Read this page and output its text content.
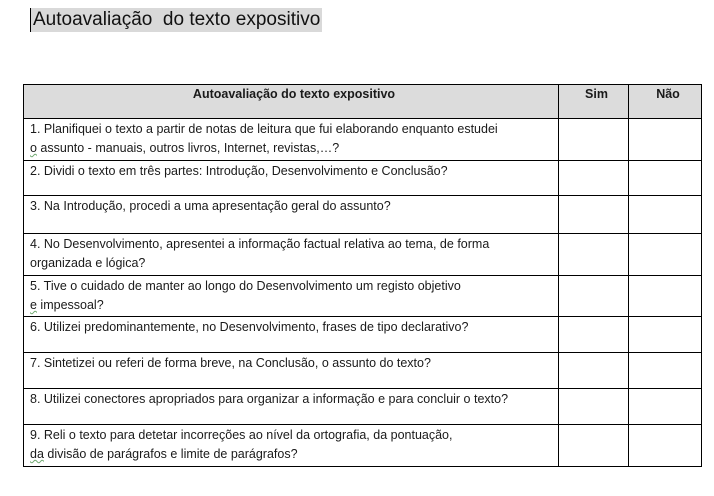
Autoavaliação  do texto expositivo
Autoavaliação do texto expositivo	Sim	Não

1. Planifiquei o texto a partir de notas de leitura que fui elaborando enquanto estudei
o assunto - manuais, outros livros, Internet, revistas,…?		

2. Dividi o texto em três partes: Introdução, Desenvolvimento e Conclusão?		

3. Na Introdução, procedi a uma apresentação geral do assunto?		

4. No Desenvolvimento, apresentei a informação factual relativa ao tema, de forma
organizada e lógica?		

5. Tive o cuidado de manter ao longo do Desenvolvimento um registo objetivo
e impessoal?		

6. Utilizei predominantemente, no Desenvolvimento, frases de tipo declarativo?		

7. Sintetizei ou referi de forma breve, na Conclusão, o assunto do texto?		

8. Utilizei conectores apropriados para organizar a informação e para concluir o texto?		

9. Reli o texto para detetar incorreções ao nível da ortografia, da pontuação,
da divisão de parágrafos e limite de parágrafos?		
